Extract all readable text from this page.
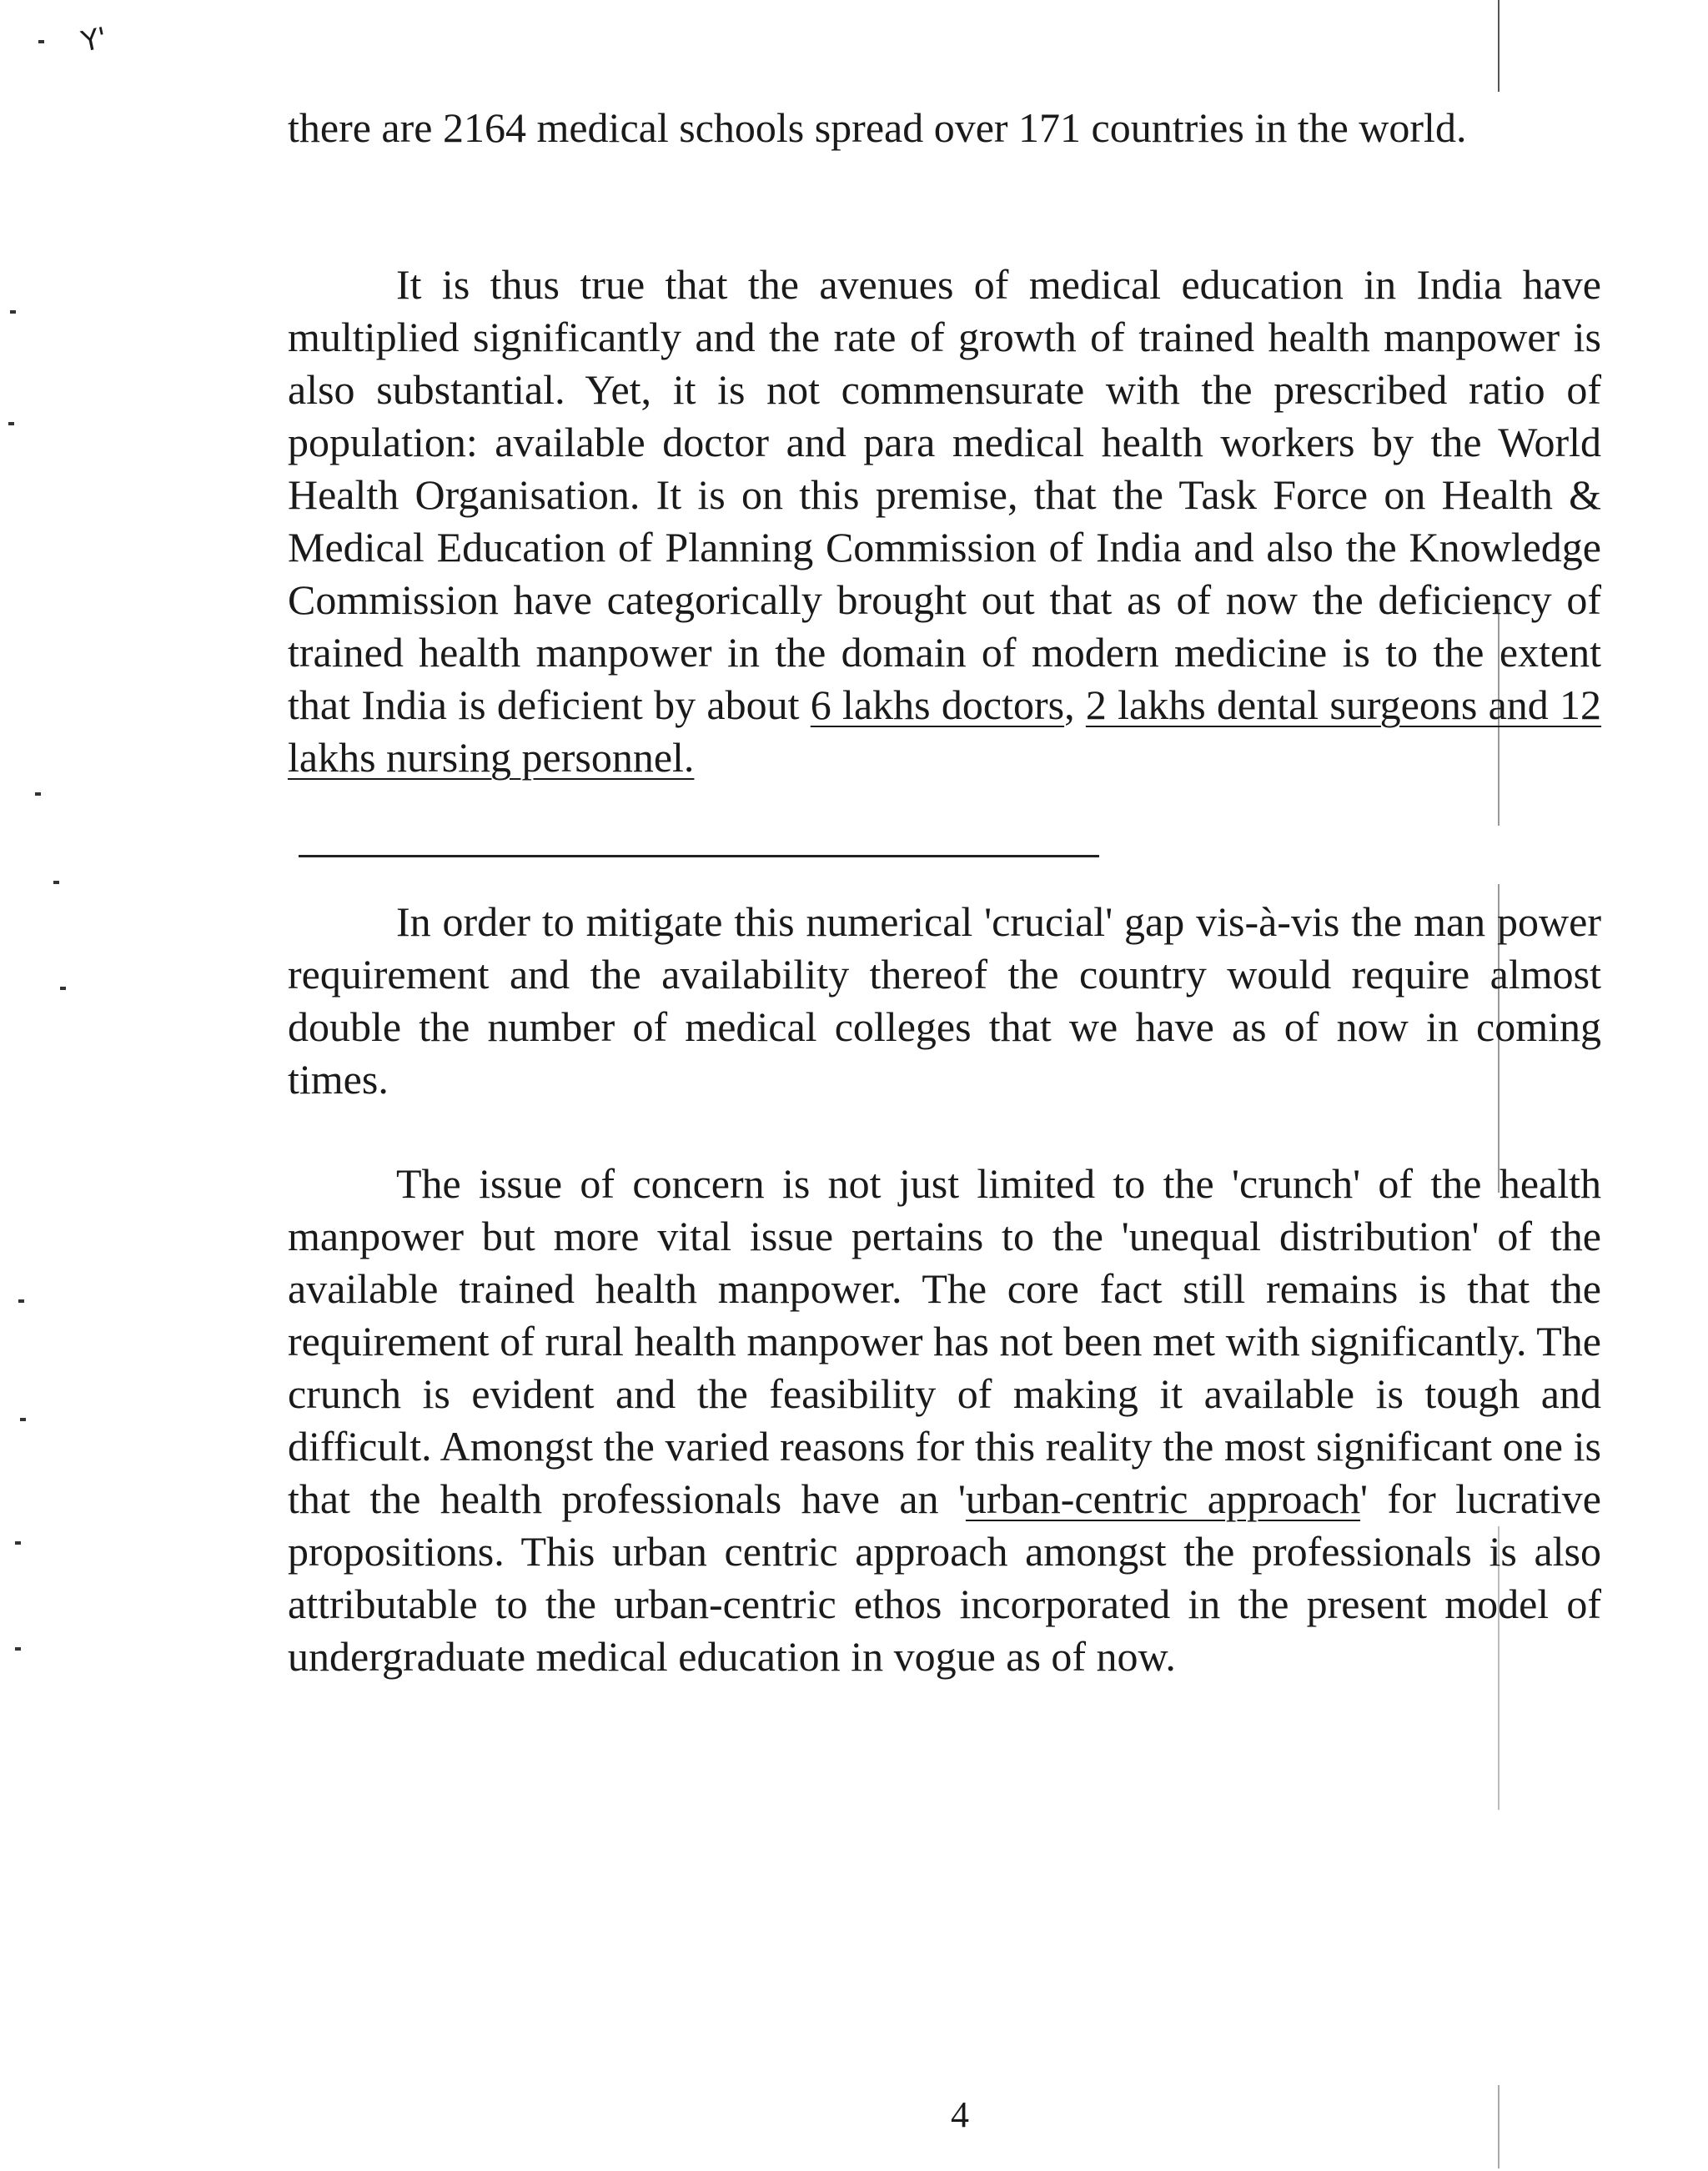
Y'

there are 2164 medical schools spread over 171 countries in the world.

It is thus true that the avenues of medical education in India have multiplied significantly and the rate of growth of trained health manpower is also substantial. Yet, it is not commensurate with the prescribed ratio of population: available doctor and para medical health workers by the World Health Organisation. It is on this premise, that the Task Force on Health & Medical Education of Planning Commission of India and also the Knowledge Commission have categorically brought out that as of now the deficiency of trained health manpower in the domain of modern medicine is to the extent that India is deficient by about 6 lakhs doctors, 2 lakhs dental surgeons and 12 lakhs nursing personnel.

In order to mitigate this numerical 'crucial' gap vis-à-vis the man power requirement and the availability thereof the country would require almost double the number of medical colleges that we have as of now in coming times.

The issue of concern is not just limited to the 'crunch' of the health manpower but more vital issue pertains to the 'unequal distribution' of the available trained health manpower. The core fact still remains is that the requirement of rural health manpower has not been met with significantly. The crunch is evident and the feasibility of making it available is tough and difficult. Amongst the varied reasons for this reality the most significant one is that the health professionals have an 'urban-centric approach' for lucrative propositions. This urban centric approach amongst the professionals is also attributable to the urban-centric ethos incorporated in the present model of undergraduate medical education in vogue as of now.

4
